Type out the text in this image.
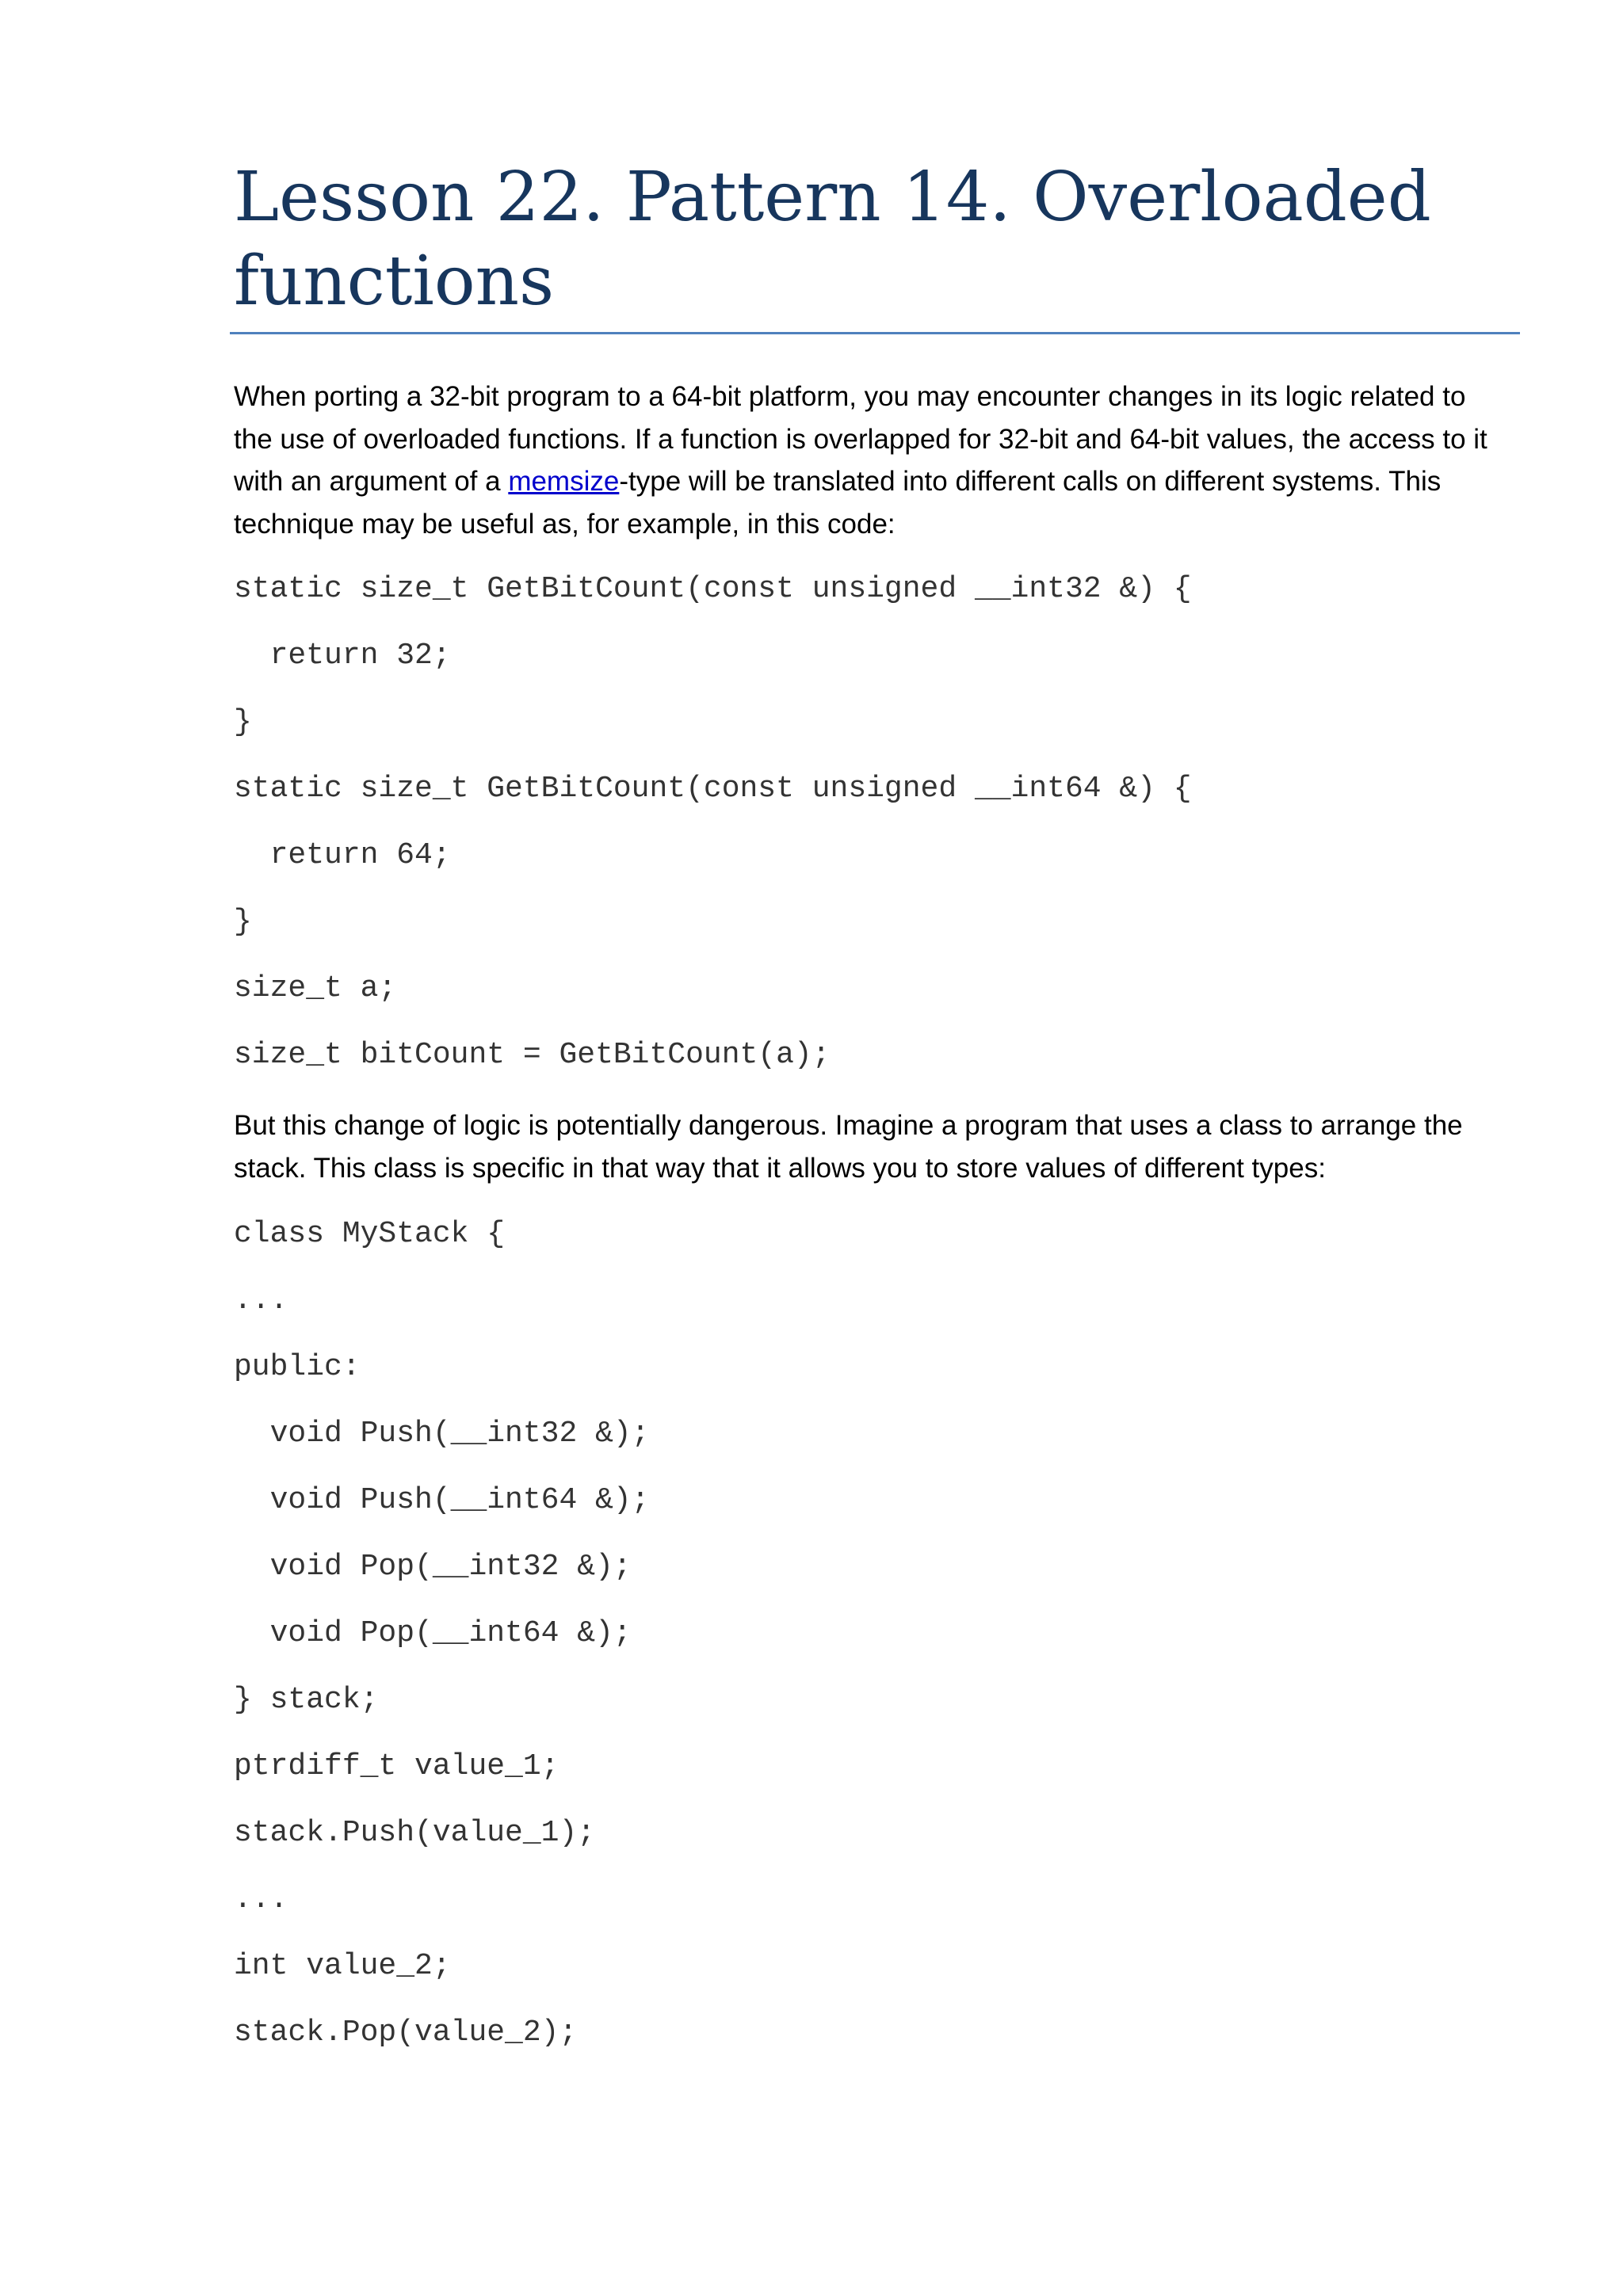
Lesson 22. Pattern 14. Overloaded functions

When porting a 32-bit program to a 64-bit platform, you may encounter changes in its logic related to the use of overloaded functions. If a function is overlapped for 32-bit and 64-bit values, the access to it with an argument of a memsize-type will be translated into different calls on different systems. This technique may be useful as, for example, in this code:

static size_t GetBitCount(const unsigned __int32 &) {
return 32;
}
static size_t GetBitCount(const unsigned __int64 &) {
return 64;
}
size_t a;
size_t bitCount = GetBitCount(a);

But this change of logic is potentially dangerous. Imagine a program that uses a class to arrange the stack. This class is specific in that way that it allows you to store values of different types:

class MyStack {
...
public:
void Push(__int32 &);
void Push(__int64 &);
void Pop(__int32 &);
void Pop(__int64 &);
} stack;
ptrdiff_t value_1;
stack.Push(value_1);
...
int value_2;
stack.Pop(value_2);
